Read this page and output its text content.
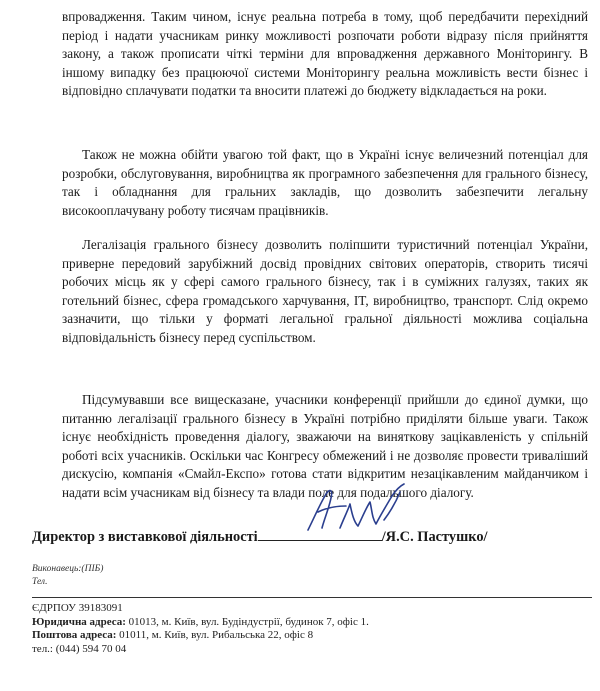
впровадження. Таким чином, існує реальна потреба в тому, щоб передбачити перехідний період і надати учасникам ринку можливості розпочати роботи відразу після прийняття закону, а також прописати чіткі терміни для впровадження державного Моніторингу. В іншому випадку без працюючої системи Моніторингу реальна можливість вести бізнес і відповідно сплачувати податки та вносити платежі до бюджету відкладається на роки.

Також не можна обійти увагою той факт, що в Україні існує величезний потенціал для розробки, обслуговування, виробництва як програмного забезпечення для грального бізнесу, так і обладнання для гральних закладів, що дозволить забезпечити легальну високооплачувану роботу тисячам працівників.

Легалізація грального бізнесу дозволить поліпшити туристичний потенціал України, приверне передовий зарубіжний досвід провідних світових операторів, створить тисячі робочих місць як у сфері самого грального бізнесу, так і в суміжних галузях, таких як готельний бізнес, сфера громадського харчування, IT, виробництво, транспорт. Слід окремо зазначити, що тільки у форматі легальної гральної діяльності можлива соціальна відповідальність бізнесу перед суспільством.

Підсумувавши все вищесказане, учасники конференції прийшли до єдиної думки, що питанню легалізації грального бізнесу в Україні потрібно приділяти більше уваги. Також існує необхідність проведення діалогу, зважаючи на виняткову зацікавленість у спільній роботі всіх учасників. Оскільки час Конгресу обмежений і не дозволяє провести триваліший дискусію, компанія «Смайл-Експо» готова стати відкритим незацікавленим майданчиком і надати всім учасникам від бізнесу та влади поле для подальшого діалогу.

Директор з виставкової діяльності	/Я.С. Пастушко/
Виконавець:(ПІБ)
Тел.
ЄДРПОУ 39183091
Юридична адреса: 01013, м. Київ, вул. Будіндустрії, будинок 7, офіс 1.
Поштова адреса: 01011, м. Київ, вул. Рибальська 22, офіс 8
тел.: (044) 594 70 04
